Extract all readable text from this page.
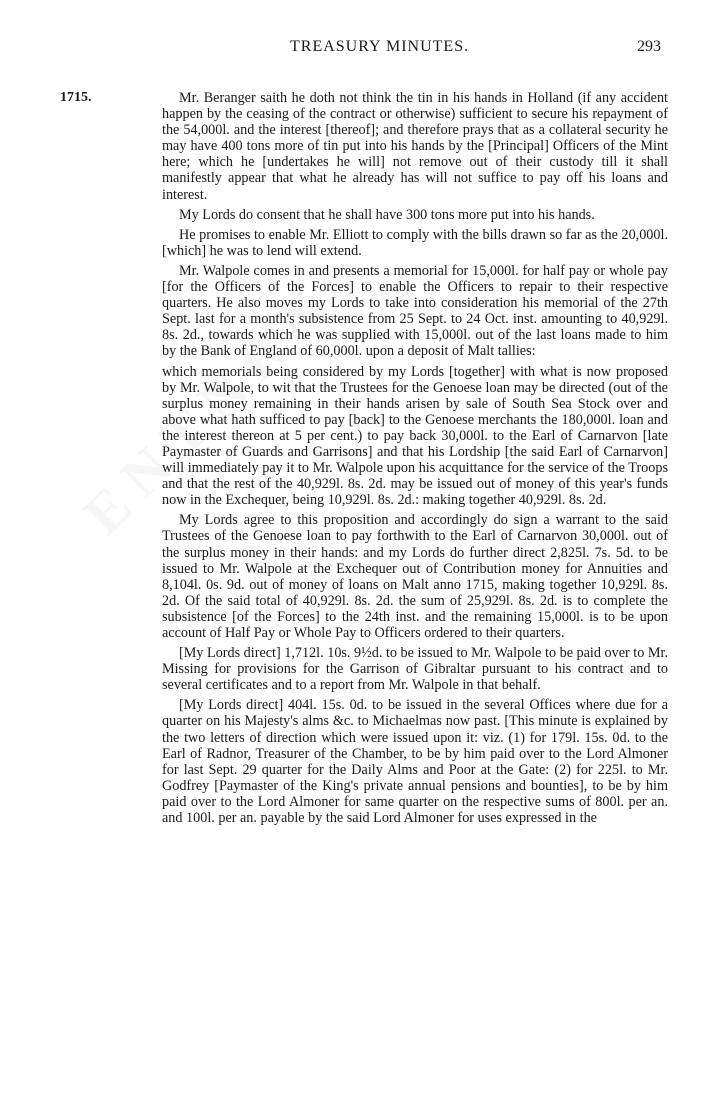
TREASURY MINUTES.	293
1715.	Mr. Beranger saith he doth not think the tin in his hands in Holland (if any accident happen by the ceasing of the contract or otherwise) sufficient to secure his repayment of the 54,000l. and the interest [thereof]; and therefore prays that as a collateral security he may have 400 tons more of tin put into his hands by the [Principal] Officers of the Mint here; which he [undertakes he will] not remove out of their custody till it shall manifestly appear that what he already has will not suffice to pay off his loans and interest.

My Lords do consent that he shall have 300 tons more put into his hands.

He promises to enable Mr. Elliott to comply with the bills drawn so far as the 20,000l. [which] he was to lend will extend.

Mr. Walpole comes in and presents a memorial for 15,000l. for half pay or whole pay [for the Officers of the Forces] to enable the Officers to repair to their respective quarters. He also moves my Lords to take into consideration his memorial of the 27th Sept. last for a month's subsistence from 25 Sept. to 24 Oct. inst. amounting to 40,929l. 8s. 2d., towards which he was supplied with 15,000l. out of the last loans made to him by the Bank of England of 60,000l. upon a deposit of Malt tallies:

which memorials being considered by my Lords [together] with what is now proposed by Mr. Walpole, to wit that the Trustees for the Genoese loan may be directed (out of the surplus money remaining in their hands arisen by sale of South Sea Stock over and above what hath sufficed to pay [back] to the Genoese merchants the 180,000l. loan and the interest thereon at 5 per cent.) to pay back 30,000l. to the Earl of Carnarvon [late Paymaster of Guards and Garrisons] and that his Lordship [the said Earl of Carnarvon] will immediately pay it to Mr. Walpole upon his acquittance for the service of the Troops and that the rest of the 40,929l. 8s. 2d. may be issued out of money of this year's funds now in the Exchequer, being 10,929l. 8s. 2d.: making together 40,929l. 8s. 2d.

My Lords agree to this proposition and accordingly do sign a warrant to the said Trustees of the Genoese loan to pay forthwith to the Earl of Carnarvon 30,000l. out of the surplus money in their hands: and my Lords do further direct 2,825l. 7s. 5d. to be issued to Mr. Walpole at the Exchequer out of Contribution money for Annuities and 8,104l. 0s. 9d. out of money of loans on Malt anno 1715, making together 10,929l. 8s. 2d. Of the said total of 40,929l. 8s. 2d. the sum of 25,929l. 8s. 2d. is to complete the subsistence [of the Forces] to the 24th inst. and the remaining 15,000l. is to be upon account of Half Pay or Whole Pay to Officers ordered to their quarters.

[My Lords direct] 1,712l. 10s. 9½d. to be issued to Mr. Walpole to be paid over to Mr. Missing for provisions for the Garrison of Gibraltar pursuant to his contract and to several certificates and to a report from Mr. Walpole in that behalf.

[My Lords direct] 404l. 15s. 0d. to be issued in the several Offices where due for a quarter on his Majesty's alms &c. to Michaelmas now past. [This minute is explained by the two letters of direction which were issued upon it: viz. (1) for 179l. 15s. 0d. to the Earl of Radnor, Treasurer of the Chamber, to be by him paid over to the Lord Almoner for last Sept. 29 quarter for the Daily Alms and Poor at the Gate: (2) for 225l. to Mr. Godfrey [Paymaster of the King's private annual pensions and bounties], to be by him paid over to the Lord Almoner for same quarter on the respective sums of 800l. per an. and 100l. per an. payable by the said Lord Almoner for uses expressed in the
